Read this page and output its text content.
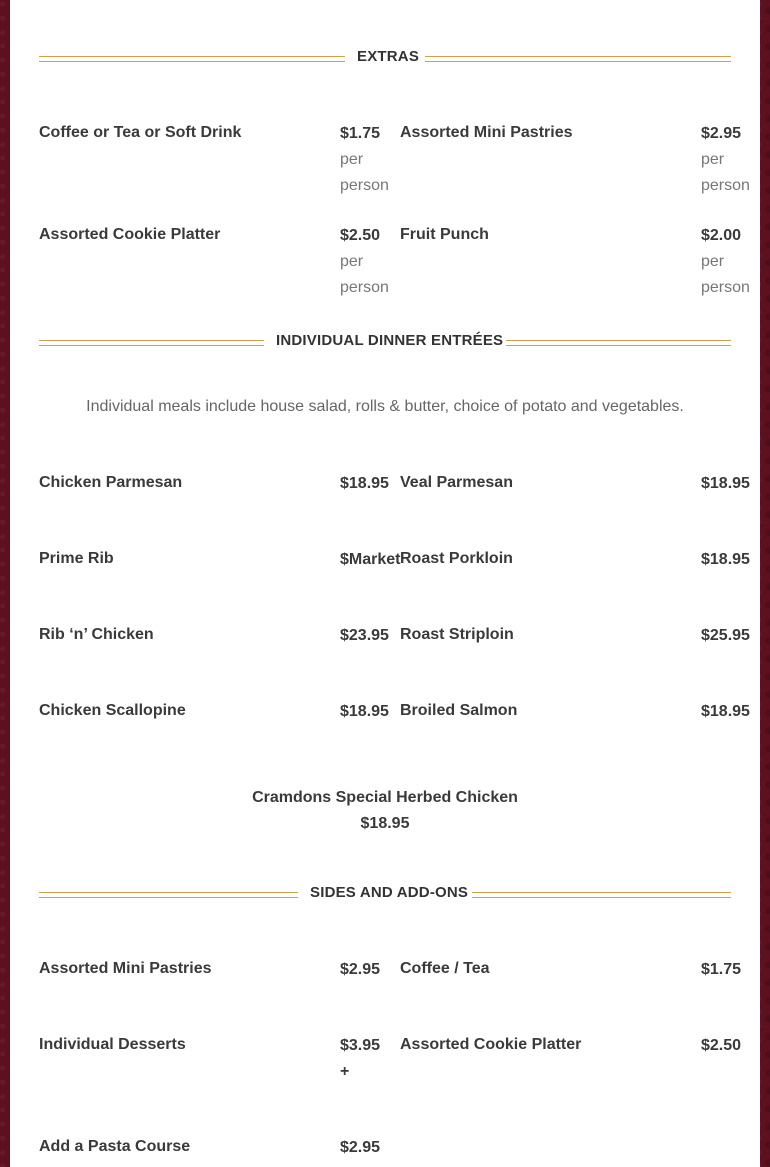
EXTRAS
Coffee or Tea or Soft Drink	$1.75 per person
Assorted Mini Pastries	$2.95 per person
Assorted Cookie Platter	$2.50 per person
Fruit Punch	$2.00 per person
INDIVIDUAL DINNER ENTRÉES
Individual meals include house salad, rolls & butter, choice of potato and vegetables.
Chicken Parmesan	$18.95 Veal Parmesan	$18.95
Prime Rib	$Market Roast Porkloin	$18.95
Rib ‘n’ Chicken	$23.95 Roast Striploin	$25.95
Chicken Scallopine	$18.95 Broiled Salmon	$18.95
Cramdons Special Herbed Chicken
$18.95
SIDES AND ADD-ONS
Assorted Mini Pastries	$2.95	Coffee / Tea	$1.75
Individual Desserts	$3.95 +
Assorted Cookie Platter	$2.50
Add a Pasta Course	$2.95
